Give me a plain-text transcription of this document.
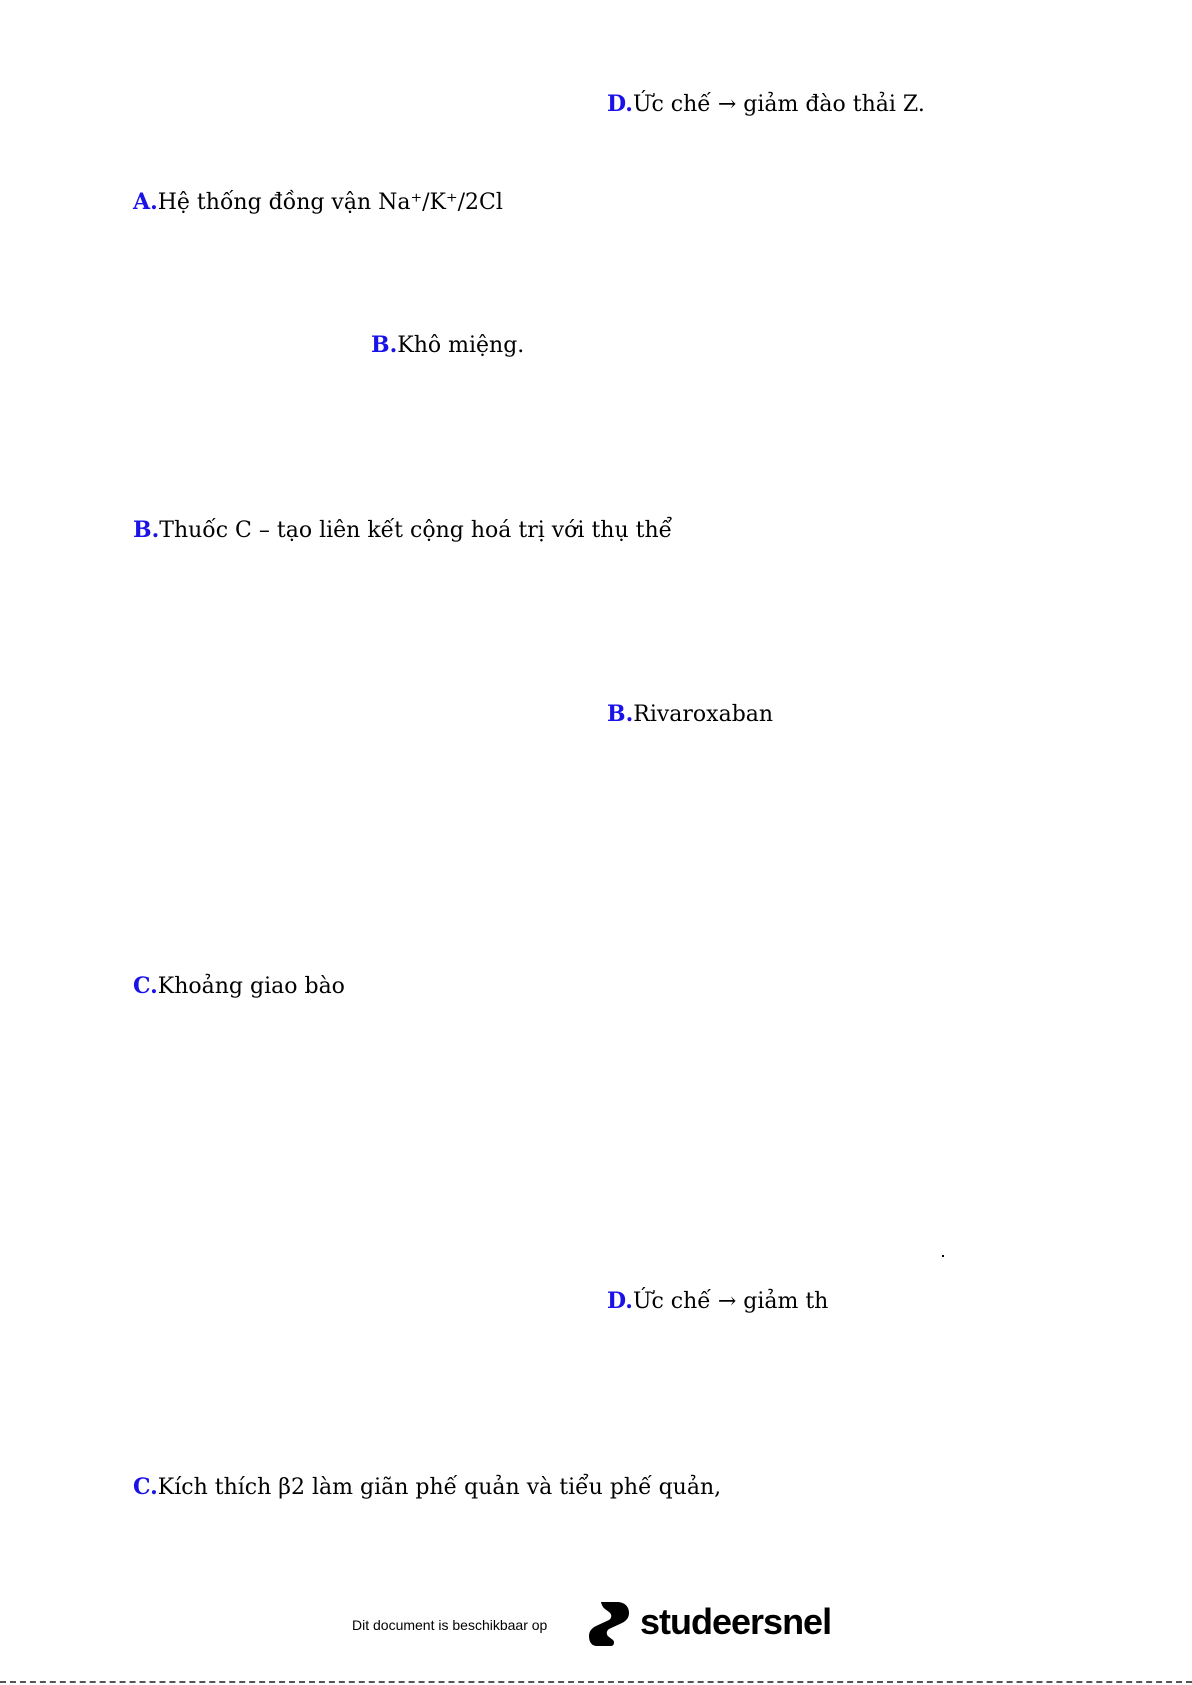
D.Ức chế → giảm đào thải Z.
A.Hệ thống đồng vận Na⁺/K⁺/2Cl
B.Khô miệng.
B.Thuốc C – tạo liên kết cộng hoá trị với thụ thể
B.Rivaroxaban
C.Khoảng giao bào
D.Ức chế → giảm th
C.Kích thích β2 làm giãn phế quản và tiểu phế quản,
Dit document is beschikbaar op	studeersnel
